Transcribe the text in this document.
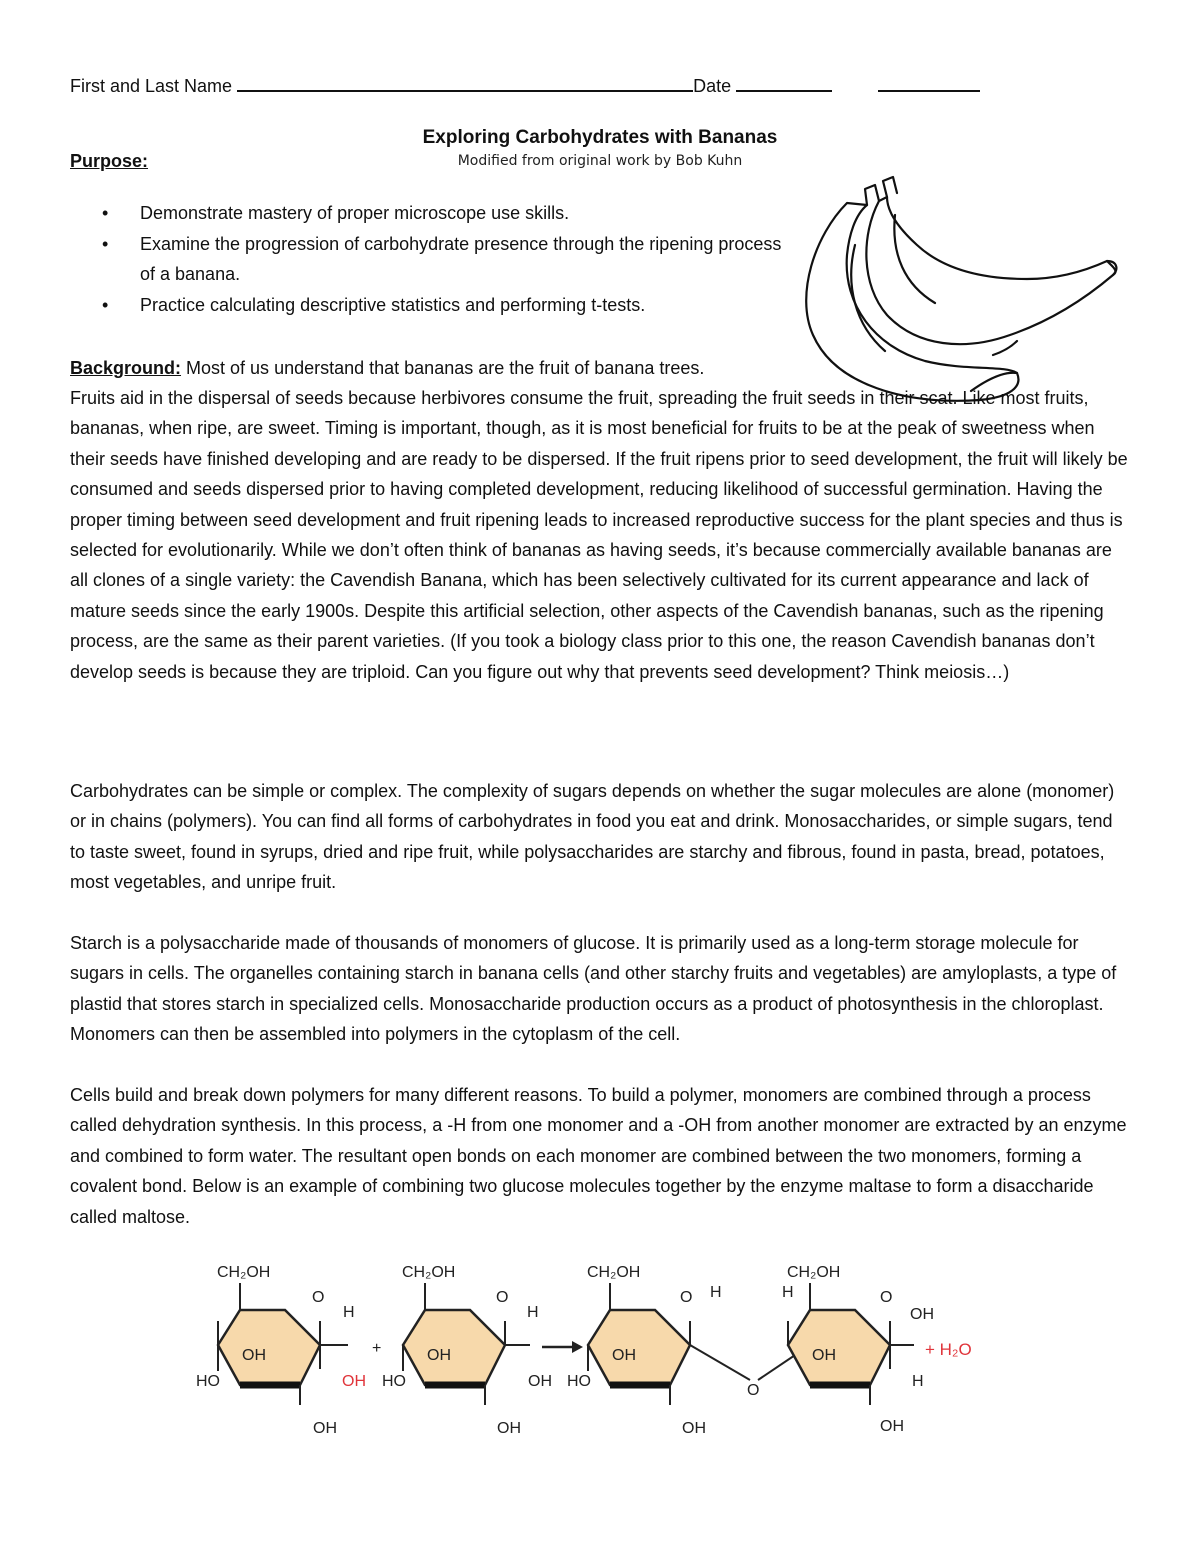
First and Last Name	Date
Exploring Carbohydrates with Bananas
Modified from original work by Bob Kuhn
Purpose:
• Demonstrate mastery of proper microscope use skills.
• Examine the progression of carbohydrate presence through the ripening process of a banana.
• Practice calculating descriptive statistics and performing t-tests.
Background: Most of us understand that bananas are the fruit of banana trees.
Fruits aid in the dispersal of seeds because herbivores consume the fruit, spreading the fruit seeds in their scat. Like most fruits, bananas, when ripe, are sweet. Timing is important, though, as it is most beneficial for fruits to be at the peak of sweetness when their seeds have finished developing and are ready to be dispersed. If the fruit ripens prior to seed development, the fruit will likely be consumed and seeds dispersed prior to having completed development, reducing likelihood of successful germination. Having the proper timing between seed development and fruit ripening leads to increased reproductive success for the plant species and thus is selected for evolutionarily. While we don’t often think of bananas as having seeds, it’s because commercially available bananas are all clones of a single variety: the Cavendish Banana, which has been selectively cultivated for its current appearance and lack of mature seeds since the early 1900s. Despite this artificial selection, other aspects of the Cavendish bananas, such as the ripening process, are the same as their parent varieties. (If you took a biology class prior to this one, the reason Cavendish bananas don’t develop seeds is because they are triploid. Can you figure out why that prevents seed development? Think meiosis…)
Carbohydrates can be simple or complex. The complexity of sugars depends on whether the sugar molecules are alone (monomer) or in chains (polymers). You can find all forms of carbohydrates in food you eat and drink. Monosaccharides, or simple sugars, tend to taste sweet, found in syrups, dried and ripe fruit, while polysaccharides are starchy and fibrous, found in pasta, bread, potatoes, most vegetables, and unripe fruit.
Starch is a polysaccharide made of thousands of monomers of glucose. It is primarily used as a long-term storage molecule for sugars in cells. The organelles containing starch in banana cells (and other starchy fruits and vegetables) are amyloplasts, a type of plastid that stores starch in specialized cells. Monosaccharide production occurs as a product of photosynthesis in the chloroplast. Monomers can then be assembled into polymers in the cytoplasm of the cell.
Cells build and break down polymers for many different reasons. To build a polymer, monomers are combined through a process called dehydration synthesis. In this process, a -H from one monomer and a -OH from another monomer are extracted by an enzyme and combined to form water. The resultant open bonds on each monomer are combined between the two monomers, forming a covalent bond. Below is an example of combining two glucose molecules together by the enzyme maltase to form a disaccharide called maltose.
CH₂OH
O
H
OH
HO	OH
OH
+
CH₂OH
O
H
OH
HO	OH
OH
CH₂OH
O H
OH
HO
OH
O
CH₂OH
H	O
OH
OH
H
OH
+ H₂O
